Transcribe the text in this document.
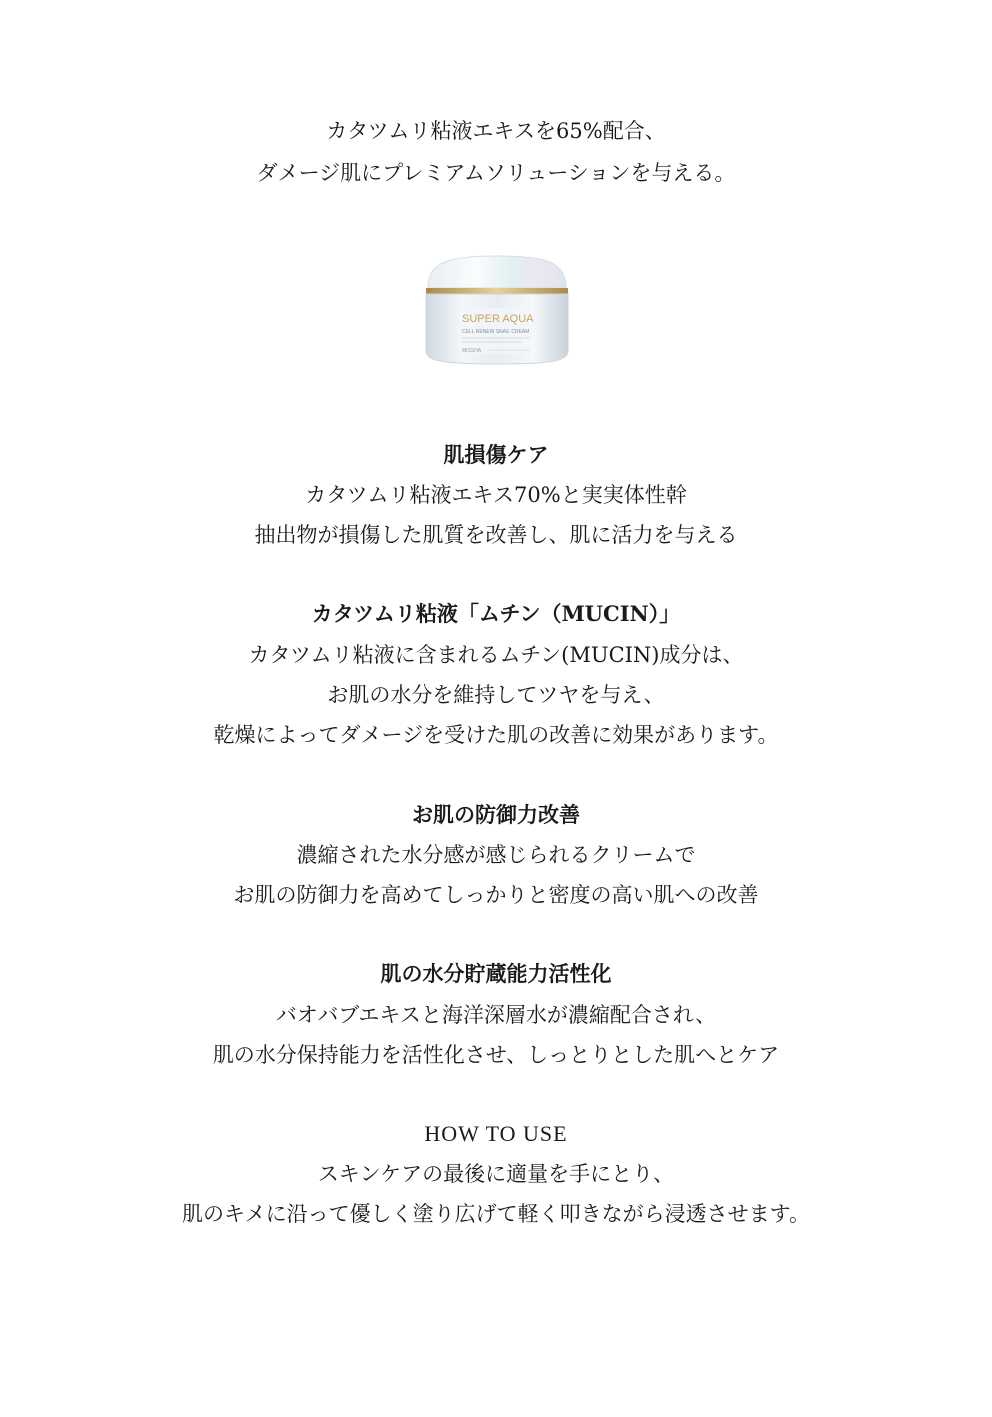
カタツムリ粘液エキスを65%配合、
ダメージ肌にプレミアムソリューションを与える。
SUPER AQUA
CELL RENEW SNAIL CREAM
MISSHA
肌損傷ケア
カタツムリ粘液エキス70%と実実体性幹
抽出物が損傷した肌質を改善し、肌に活力を与える
カタツムリ粘液「ムチン（MUCIN）」
カタツムリ粘液に含まれるムチン(MUCIN)成分は、
お肌の水分を維持してツヤを与え、
乾燥によってダメージを受けた肌の改善に効果があります。
お肌の防御力改善
濃縮された水分感が感じられるクリームで
お肌の防御力を高めてしっかりと密度の高い肌への改善
肌の水分貯蔵能力活性化
バオバブエキスと海洋深層水が濃縮配合され、
肌の水分保持能力を活性化させ、しっとりとした肌へとケア
HOW TO USE
スキンケアの最後に適量を手にとり、
肌のキメに沿って優しく塗り広げて軽く叩きながら浸透させます。
